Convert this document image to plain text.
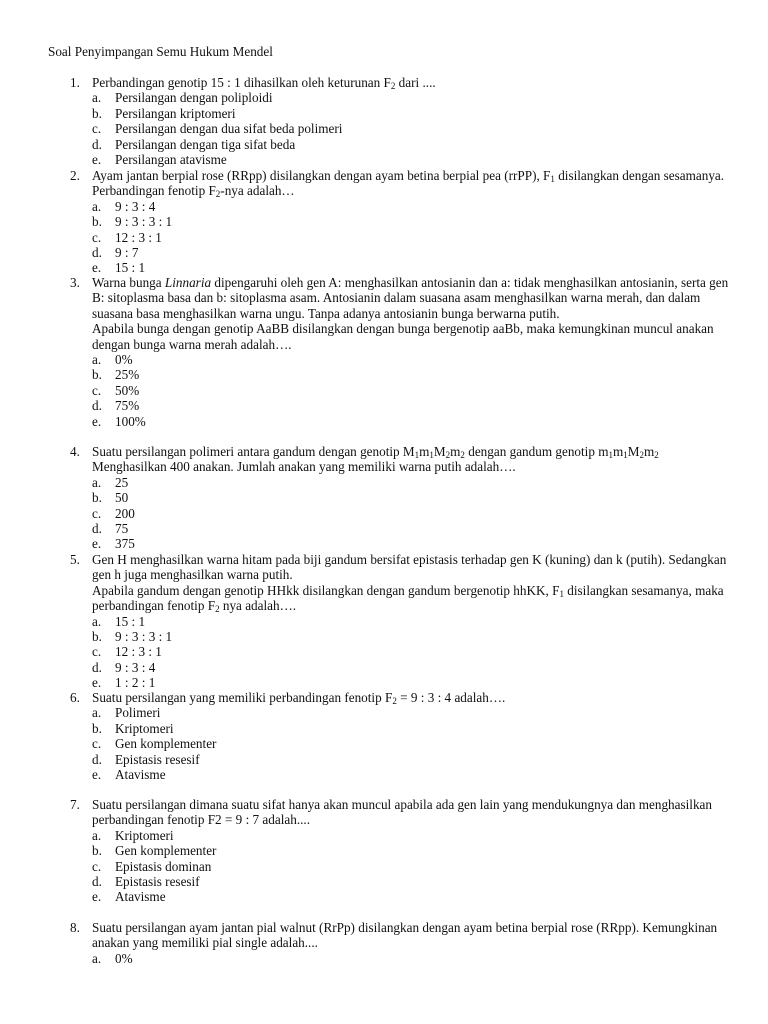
Soal Penyimpangan Semu Hukum Mendel
1. Perbandingan genotip 15 : 1 dihasilkan oleh keturunan $F_2$ dari ....
a. Persilangan dengan poliploidi
b. Persilangan kriptomeri
c. Persilangan dengan dua sifat beda polimeri
d. Persilangan dengan tiga sifat beda
e. Persilangan atavisme
2. Ayam jantan berpial rose (RRpp) disilangkan dengan ayam betina berpial pea (rrPP), $F_1$ disilangkan dengan sesamanya. Perbandingan fenotip $F_2$-nya adalah…
a. 9 : 3 : 4
b. 9 : 3 : 3 : 1
c. 12 : 3 : 1
d. 9 : 7
e. 15 : 1
3. Warna bunga Linnaria dipengaruhi oleh gen A: menghasilkan antosianin dan a: tidak menghasilkan antosianin, serta gen B: sitoplasma basa dan b: sitoplasma asam. Antosianin dalam suasana asam menghasilkan warna merah, dan dalam suasana basa menghasilkan warna ungu. Tanpa adanya antosianin bunga berwarna putih.
Apabila bunga dengan genotip AaBB disilangkan dengan bunga bergenotip aaBb, maka kemungkinan muncul anakan dengan bunga warna merah adalah….
a. 0%
b. 25%
c. 50%
d. 75%
e. 100%
4. Suatu persilangan polimeri antara gandum dengan genotip $M_1m_1M_2m_2$ dengan gandum genotip $m_1m_1M_2m_2$ Menghasilkan 400 anakan. Jumlah anakan yang memiliki warna putih adalah….
a. 25
b. 50
c. 200
d. 75
e. 375
5. Gen H menghasilkan warna hitam pada biji gandum bersifat epistasis terhadap gen K (kuning) dan k (putih). Sedangkan gen h juga menghasilkan warna putih.
Apabila gandum dengan genotip HHkk disilangkan dengan gandum bergenotip hhKK, $F_1$ disilangkan sesamanya, maka perbandingan fenotip $F_2$ nya adalah….
a. 15 : 1
b. 9 : 3 : 3 : 1
c. 12 : 3 : 1
d. 9 : 3 : 4
e. 1 : 2 : 1
6. Suatu persilangan yang memiliki perbandingan fenotip $F_2 = 9$ : 3 : 4 adalah….
a. Polimeri
b. Kriptomeri
c. Gen komplementer
d. Epistasis resesif
e. Atavisme
7. Suatu persilangan dimana suatu sifat hanya akan muncul apabila ada gen lain yang mendukungnya dan menghasilkan perbandingan fenotip F2 = 9 : 7 adalah....
a. Kriptomeri
b. Gen komplementer
c. Epistasis dominan
d. Epistasis resesif
e. Atavisme
8. Suatu persilangan ayam jantan pial walnut (RrPp) disilangkan dengan ayam betina berpial rose (RRpp). Kemungkinan anakan yang memiliki pial single adalah....
a. 0%
